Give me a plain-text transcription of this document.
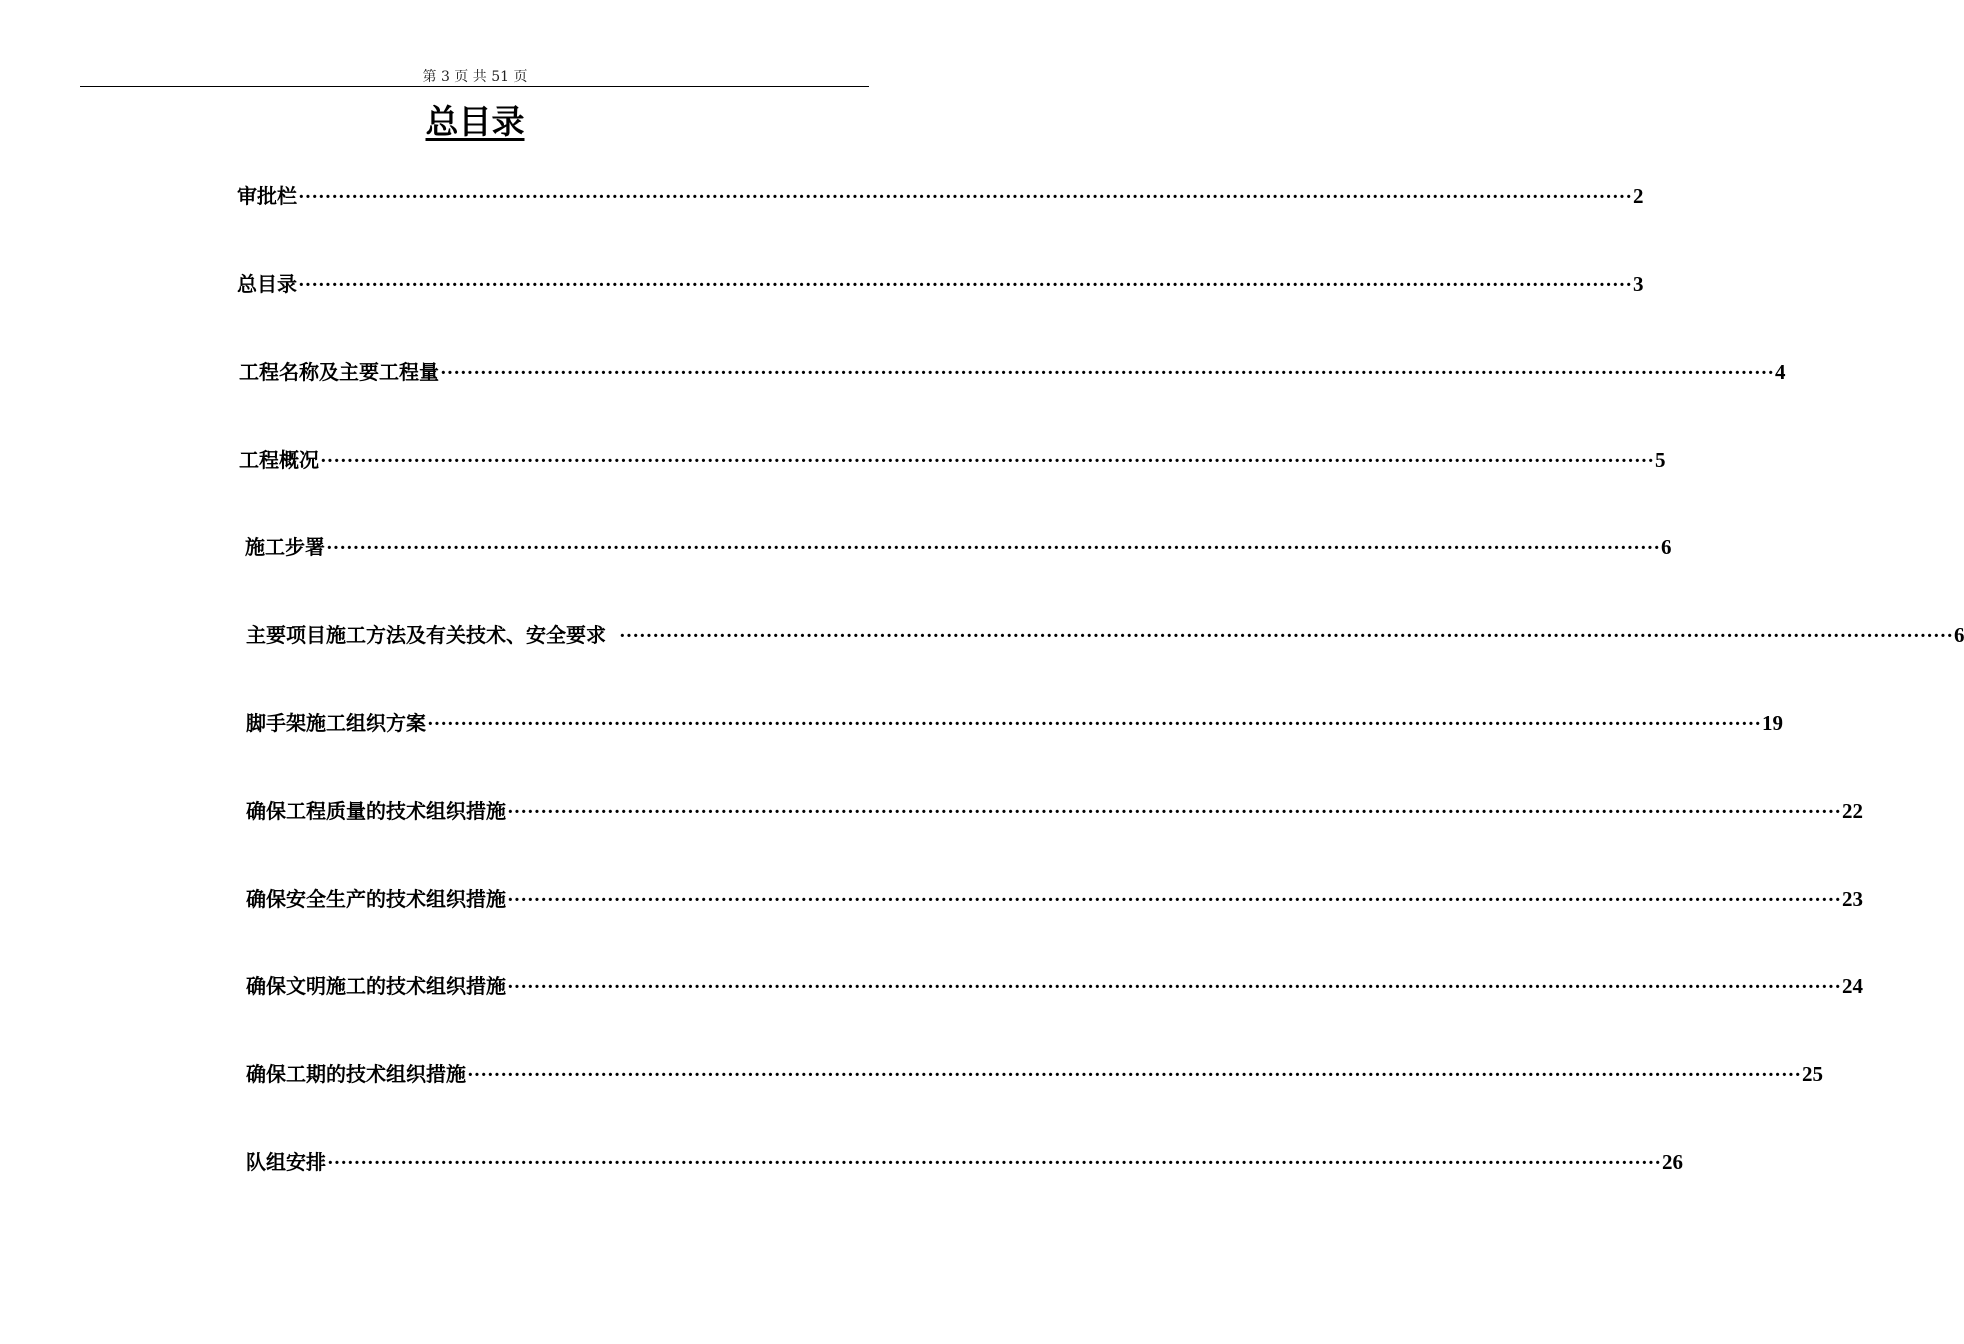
第 3 页 共 51 页
总目录
审批栏 ········································································································································································································ 2
总目录 ········································································································································································································ 3
工程名称及主要工程量 ········································································································································································································ 4
工程概况 ········································································································································································································ 5
施工步署 ········································································································································································································ 6
主要项目施工方法及有关技术、安全要求 ········································································································································································································ 6
脚手架施工组织方案 ········································································································································································································ 19
确保工程质量的技术组织措施 ········································································································································································································ 22
确保安全生产的技术组织措施 ········································································································································································································ 23
确保文明施工的技术组织措施 ········································································································································································································ 24
确保工期的技术组织措施 ········································································································································································································ 25
队组安排 ········································································································································································································ 26
